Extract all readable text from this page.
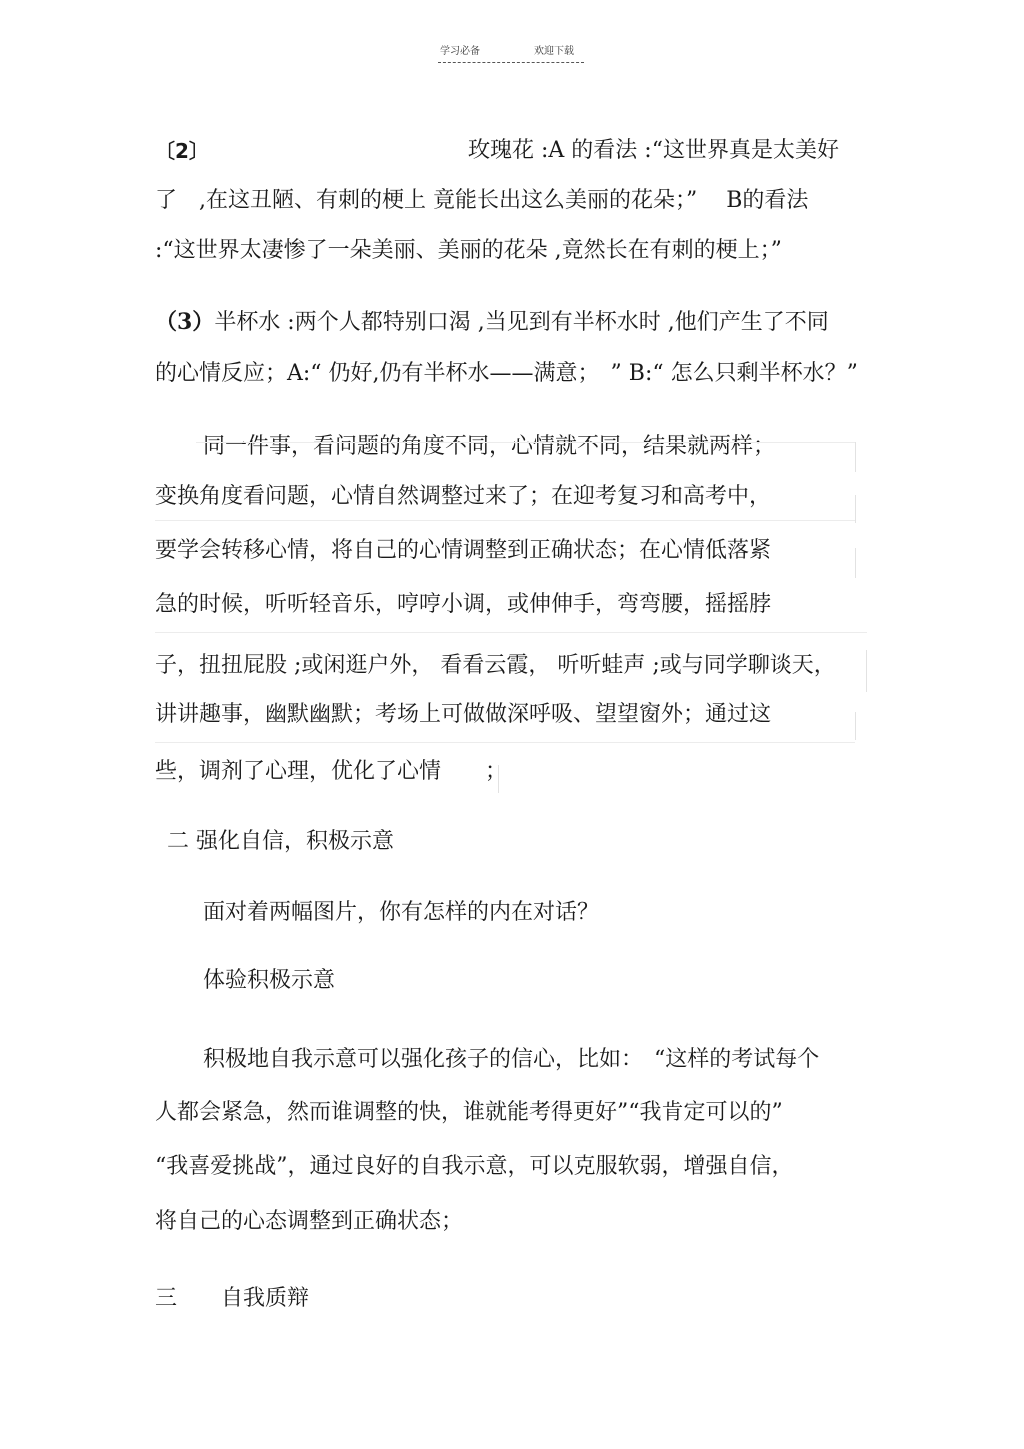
学习必备	欢迎下载
〔2〕	玫瑰花 :A 的看法 :“这世界真是太美好
了　,在这丑陋、有刺的梗上 竟能长出这么美丽的花朵；”　 B的看法
:“这世界太凄惨了一朵美丽、美丽的花朵 ,竟然长在有刺的梗上；”
（3）半杯水 :两个人都特别口渴 ,当见到有半杯水时 ,他们产生了不同
的心情反应；A:“ 仍好,仍有半杯水——满意；　” B:“ 怎么只剩半杯水？”
同一件事，看问题的角度不同，心情就不同，结果就两样；
变换角度看问题，心情自然调整过来了；在迎考复习和高考中，
要学会转移心情，将自己的心情调整到正确状态；在心情低落紧
急的时候，听听轻音乐，哼哼小调，或伸伸手，弯弯腰，摇摇脖
子，扭扭屁股 ;或闲逛户外， 看看云霞， 听听蛙声 ;或与同学聊谈天，
讲讲趣事，幽默幽默；考场上可做做深呼吸、望望窗外；通过这
些，调剂了心理，优化了心情　　；
二 强化自信，积极示意
面对着两幅图片，你有怎样的内在对话？
体验积极示意
积极地自我示意可以强化孩子的信心，比如：　“这样的考试每个
人都会紧急，然而谁调整的快，谁就能考得更好”“我肯定可以的”
“我喜爱挑战”，通过良好的自我示意，可以克服软弱，增强自信，
将自己的心态调整到正确状态；
三　　自我质辩
